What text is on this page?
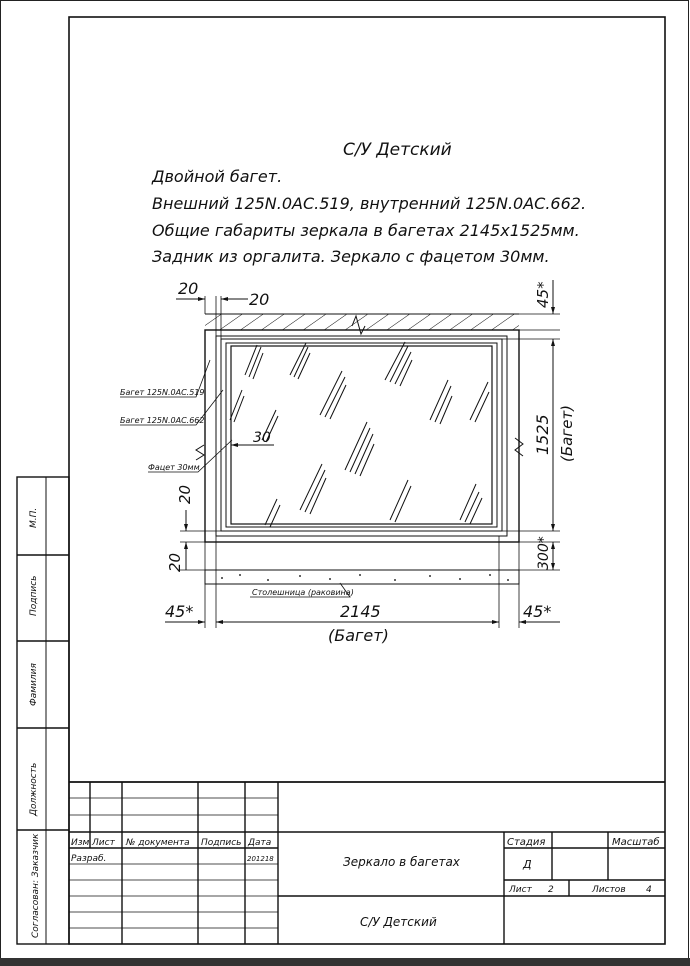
С/У Детский
Двойной багет.
Внешний 125N.0AC.519, внутренний 125N.0AC.662.
Общие габариты зеркала в багетах 2145х1525мм.
Задник из оргалита. Зеркало с фацетом 30мм.
20
20	45*
1525 (Багет)
300*
20
20
30
45*	2145
(Багет)
45*
Багет 125N.0AC.519
Багет 125N.0AC.662
Фацет 30мм
Столешница (раковина)
М.П.
Подпись
Фамилия
Должность
Согласован: Заказчик	Изм Лист № документа Подпись Дата
Разраб.	201218	Зеркало в багетах
С/У Детский
Стадия
Д
Масштаб
Лист 2	Листов 4
